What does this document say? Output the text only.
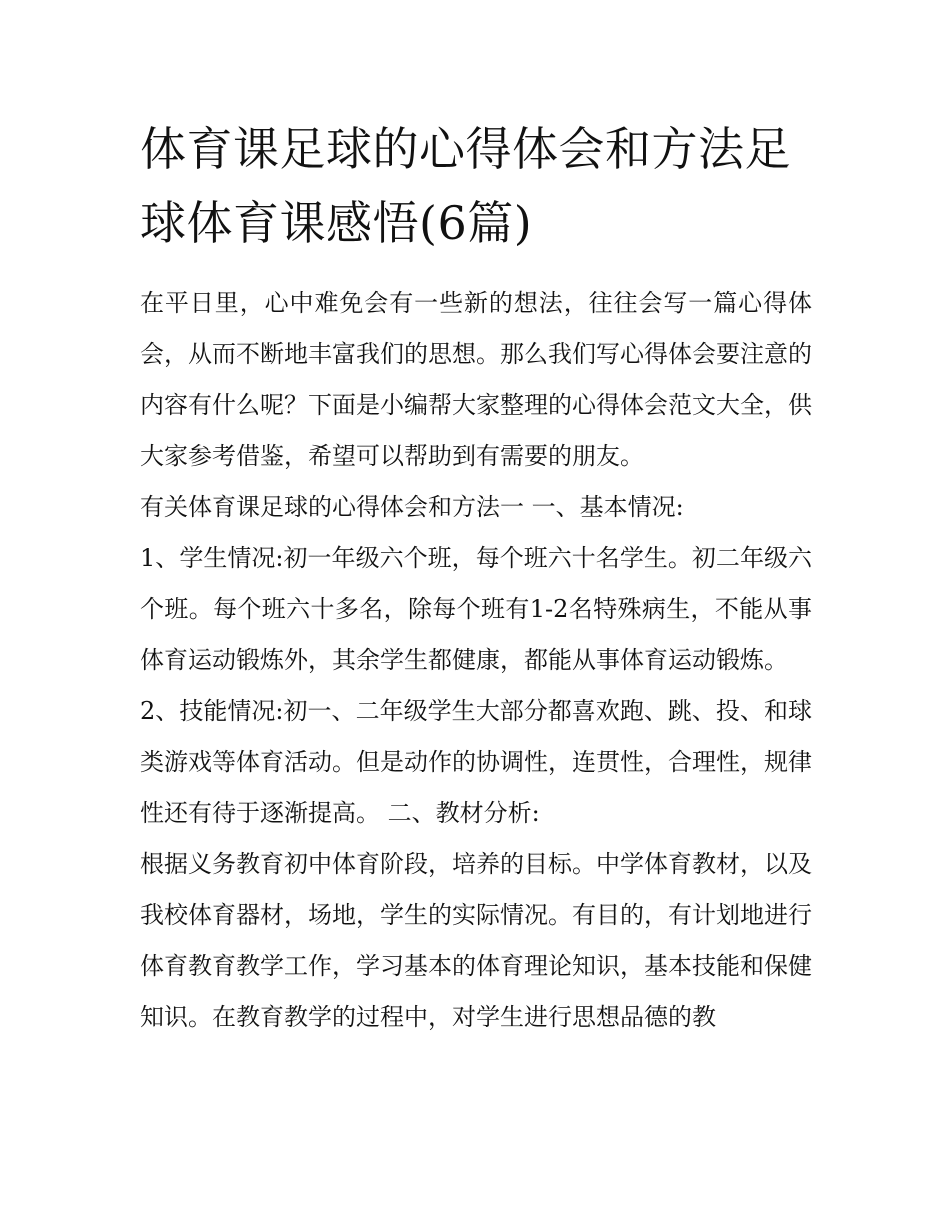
体育课足球的心得体会和方法足球体育课感悟(6篇)

在平日里，心中难免会有一些新的想法，往往会写一篇心得体会，从而不断地丰富我们的思想。那么我们写心得体会要注意的内容有什么呢？下面是小编帮大家整理的心得体会范文大全，供大家参考借鉴，希望可以帮助到有需要的朋友。

有关体育课足球的心得体会和方法一 一、基本情况:

1、学生情况:初一年级六个班，每个班六十名学生。初二年级六个班。每个班六十多名，除每个班有1-2名特殊病生，不能从事体育运动锻炼外，其余学生都健康，都能从事体育运动锻炼。

2、技能情况:初一、二年级学生大部分都喜欢跑、跳、投、和球类游戏等体育活动。但是动作的协调性，连贯性，合理性，规律性还有待于逐渐提高。 二、教材分析:

根据义务教育初中体育阶段，培养的目标。中学体育教材，以及我校体育器材，场地，学生的实际情况。有目的，有计划地进行体育教育教学工作，学习基本的体育理论知识，基本技能和保健知识。在教育教学的过程中，对学生进行思想品德的教
